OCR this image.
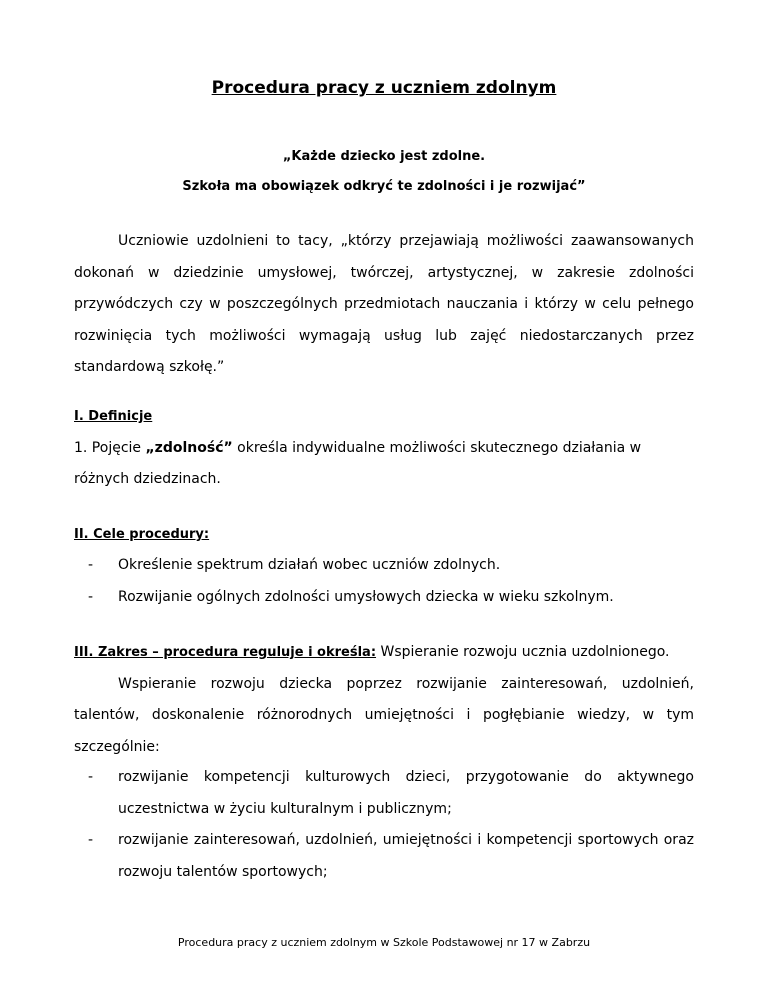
Procedura pracy z uczniem zdolnym
„Każde dziecko jest zdolne.
Szkoła ma obowiązek odkryć te zdolności i je rozwijać”
Uczniowie uzdolnieni to tacy, „którzy przejawiają możliwości zaawansowanych dokonań w dziedzinie umysłowej, twórczej, artystycznej, w zakresie zdolności przywódczych czy w poszczególnych przedmiotach nauczania i którzy w celu pełnego rozwinięcia tych możliwości wymagają usług lub zajęć niedostarczanych przez standardową szkołę.”
I. Definicje
1. Pojęcie „zdolność” określa indywidualne możliwości skutecznego działania w różnych dziedzinach.
II. Cele procedury:
- Określenie spektrum działań wobec uczniów zdolnych.
- Rozwijanie ogólnych zdolności umysłowych dziecka w wieku szkolnym.
III. Zakres – procedura reguluje i określa: Wspieranie rozwoju ucznia uzdolnionego.
Wspieranie rozwoju dziecka poprzez rozwijanie zainteresowań, uzdolnień, talentów, doskonalenie różnorodnych umiejętności i pogłębianie wiedzy, w tym szczególnie:
- rozwijanie kompetencji kulturowych dzieci, przygotowanie do aktywnego uczestnictwa w życiu kulturalnym i publicznym;
- rozwijanie zainteresowań, uzdolnień, umiejętności i kompetencji sportowych oraz rozwoju talentów sportowych;
Procedura pracy z uczniem zdolnym w Szkole Podstawowej nr 17 w Zabrzu
